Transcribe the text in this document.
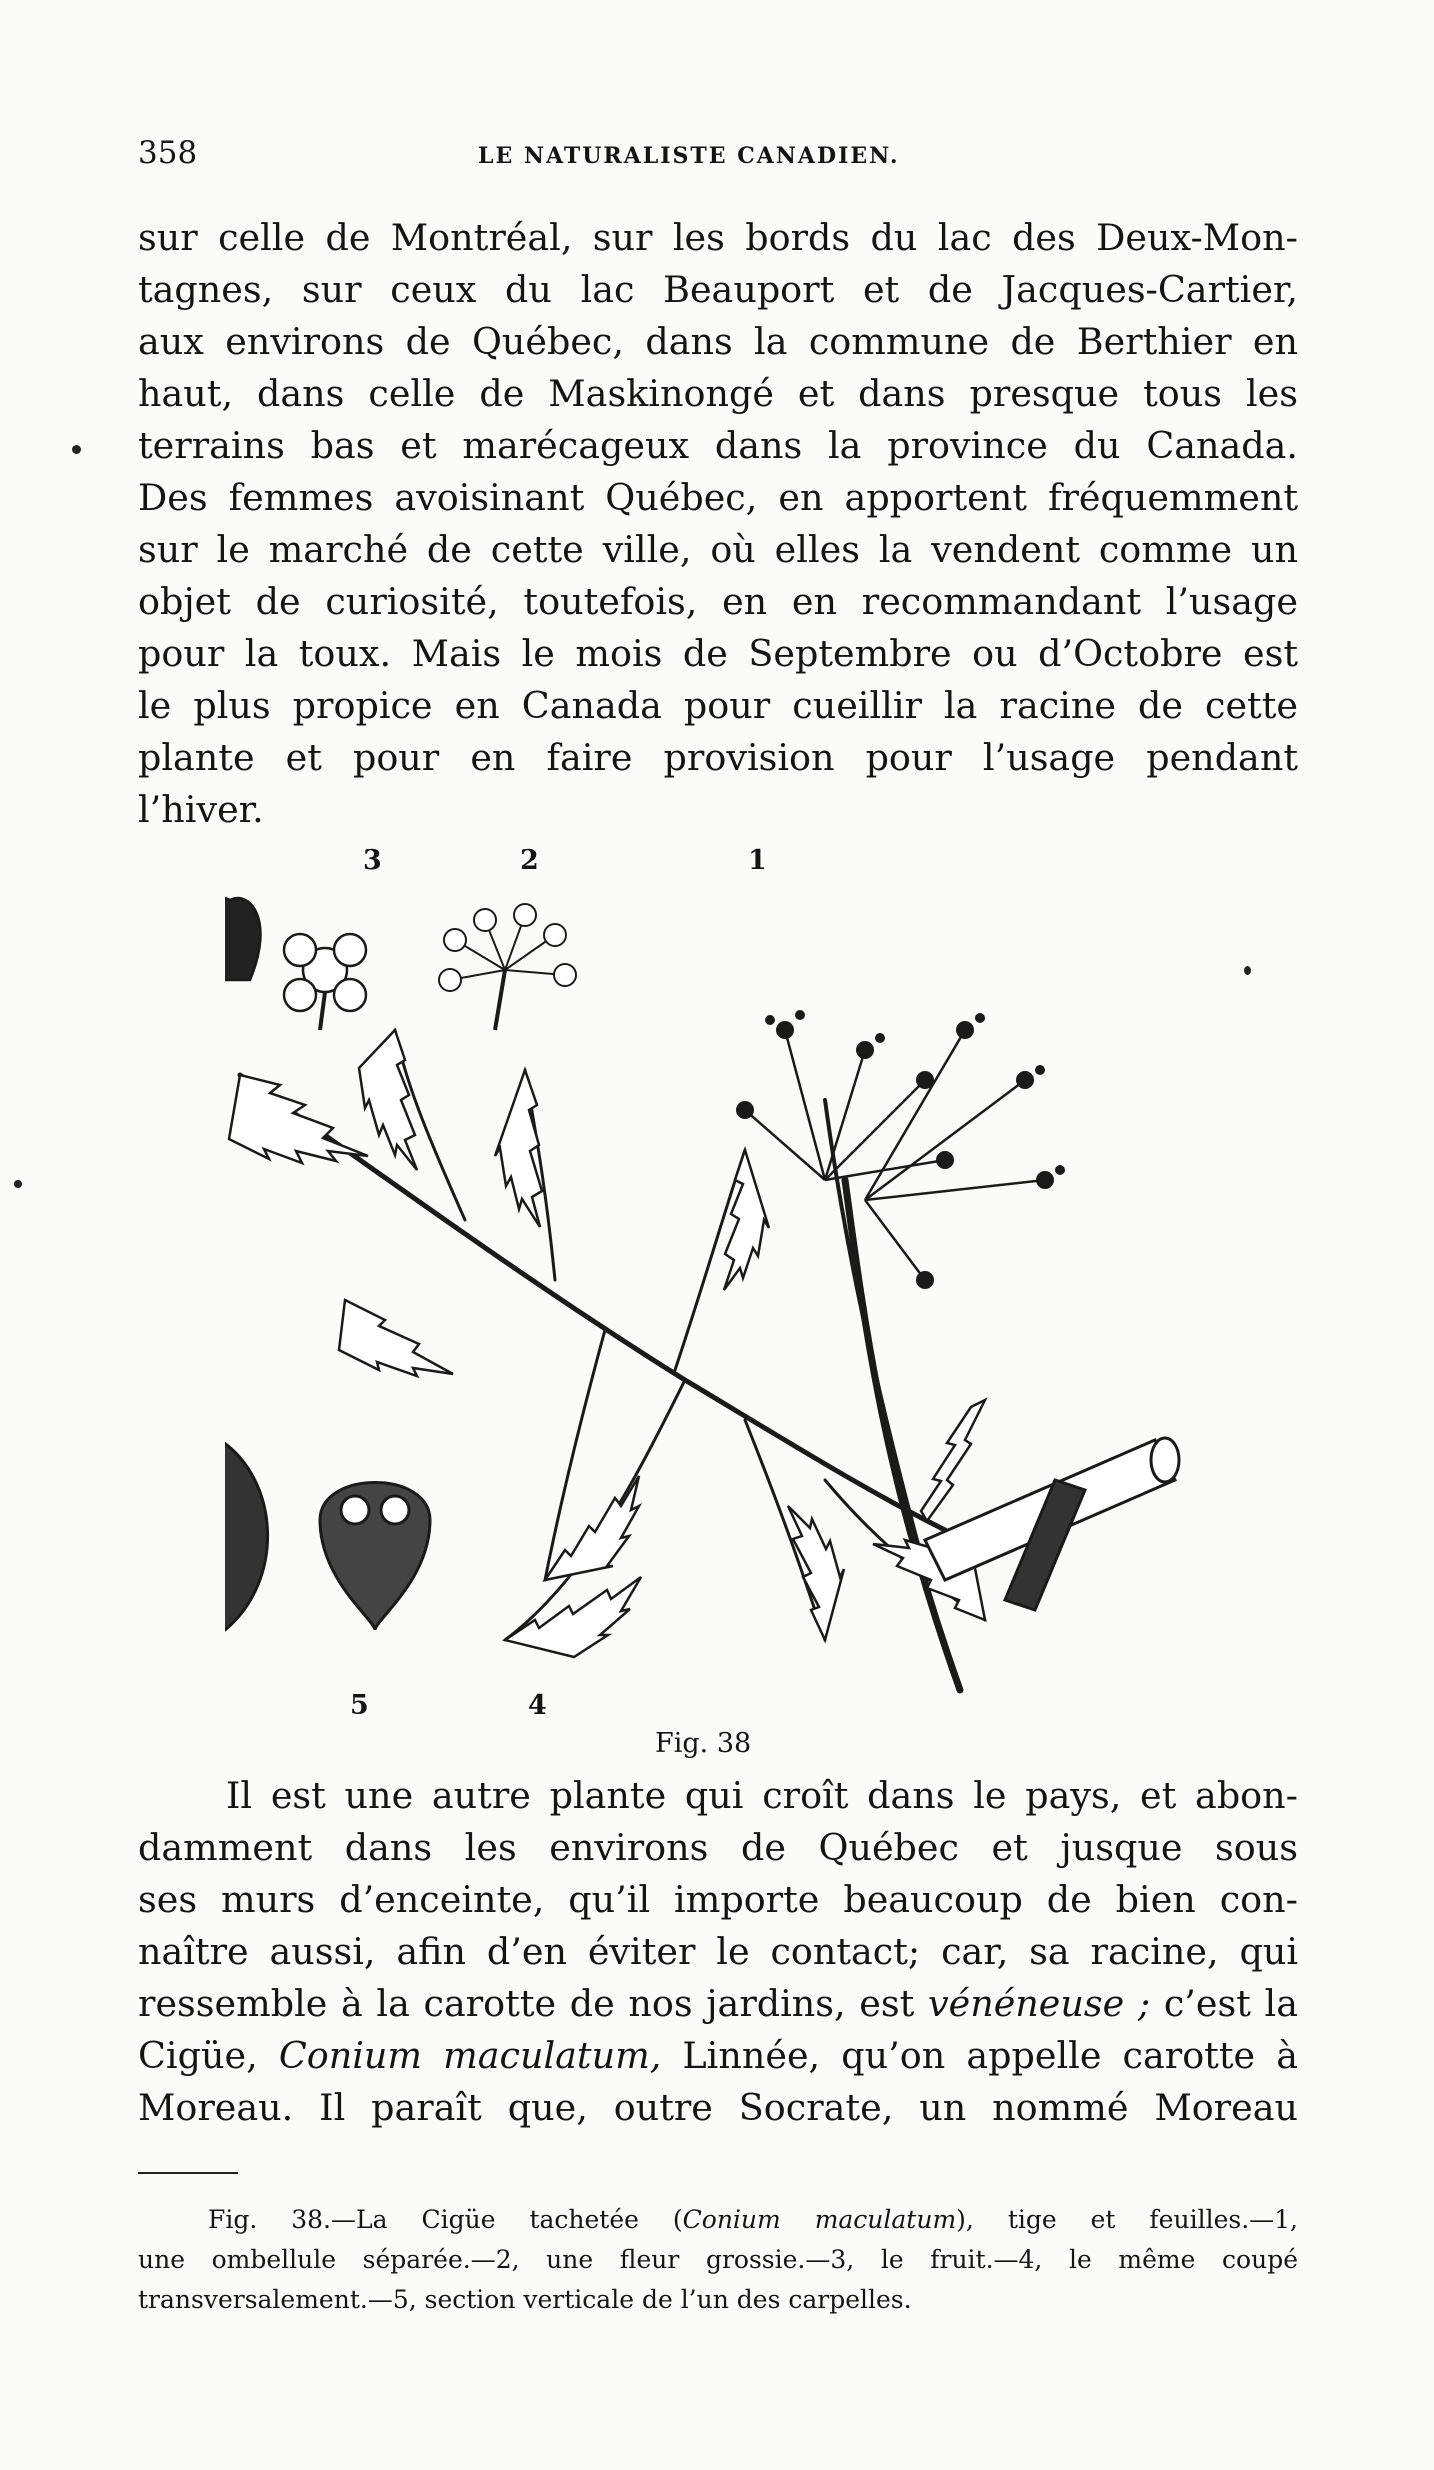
358	LE NATURALISTE CANADIEN.
sur celle de Montréal, sur les bords du lac des Deux-Mon-
tagnes, sur ceux du lac Beauport et de Jacques-Cartier,
aux environs de Québec, dans la commune de Berthier en
haut, dans celle de Maskinongé et dans presque tous les
terrains bas et marécageux dans la province du Canada.
Des femmes avoisinant Québec, en apportent fréquemment
sur le marché de cette ville, où elles la vendent comme un
objet de curiosité, toutefois, en en recommandant l’usage
pour la toux. Mais le mois de Septembre ou d’Octobre est
le plus propice en Canada pour cueillir la racine de cette
plante et pour en faire provision pour l’usage pendant
l’hiver.
3	2	1
5	4
Fig. 38
Il est une autre plante qui croît dans le pays, et abon-
damment dans les environs de Québec et jusque sous
ses murs d’enceinte, qu’il importe beaucoup de bien con-
naître aussi, afin d’en éviter le contact; car, sa racine, qui
ressemble à la carotte de nos jardins, est vénéneuse ; c’est la
Cigüe, Conium maculatum, Linnée, qu’on appelle carotte à
Moreau. Il paraît que, outre Socrate, un nommé Moreau
Fig. 38.—La Cigüe tachetée (Conium maculatum), tige et feuilles.—1,
une ombellule séparée.—2, une fleur grossie.—3, le fruit.—4, le même coupé
transversalement.—5, section verticale de l’un des carpelles.
